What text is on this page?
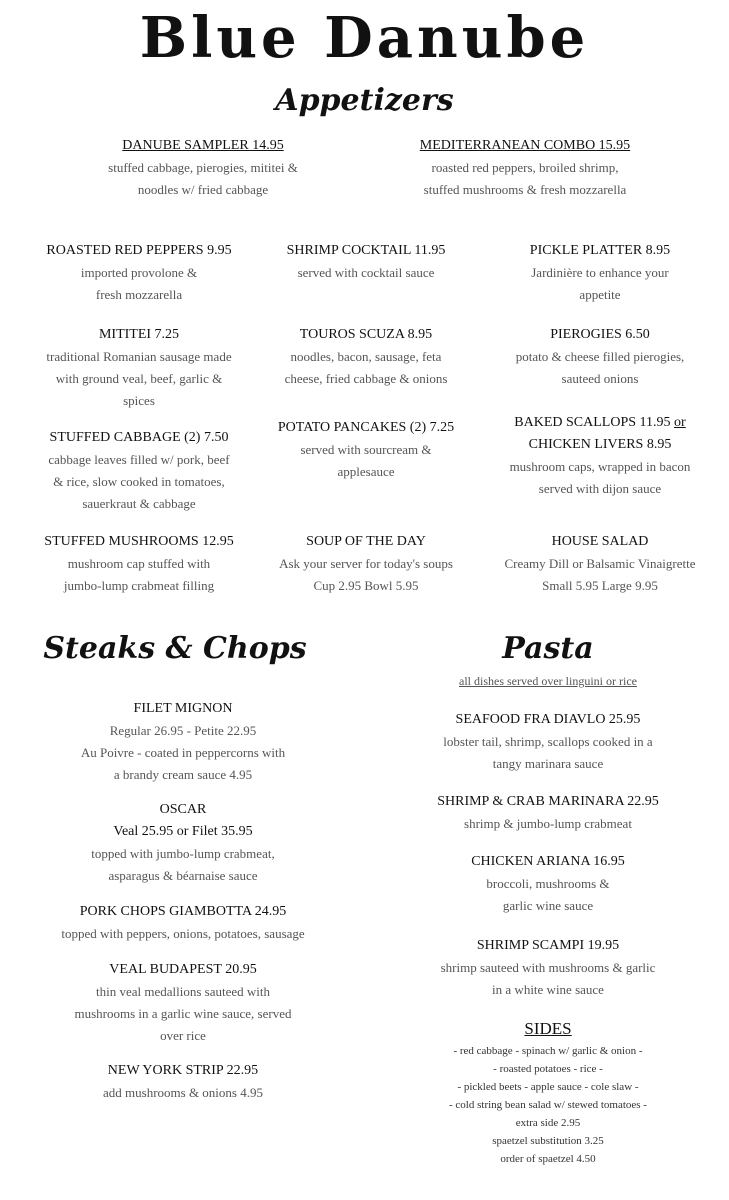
Blue Danube
Appetizers
DANUBE SAMPLER 14.95
stuffed cabbage, pierogies, mititei &
noodles w/ fried cabbage
MEDITERRANEAN COMBO 15.95
roasted red peppers, broiled shrimp,
stuffed mushrooms & fresh mozzarella
ROASTED RED PEPPERS 9.95
imported provolone &
fresh mozzarella
SHRIMP COCKTAIL 11.95
served with cocktail sauce
PICKLE PLATTER 8.95
Jardinière to enhance your
appetite
MITITEI 7.25
traditional Romanian sausage made
with ground veal, beef, garlic &
spices
TOUROS SCUZA 8.95
noodles, bacon, sausage, feta
cheese, fried cabbage & onions
PIEROGIES 6.50
potato & cheese filled pierogies,
sauteed onions
STUFFED CABBAGE (2) 7.50
cabbage leaves filled w/ pork, beef
& rice, slow cooked in tomatoes,
sauerkraut & cabbage
POTATO PANCAKES (2) 7.25
served with sourcream &
applesauce
BAKED SCALLOPS 11.95 or
CHICKEN LIVERS 8.95
mushroom caps, wrapped in bacon
served with dijon sauce
STUFFED MUSHROOMS 12.95
mushroom cap stuffed with
jumbo-lump crabmeat filling
SOUP OF THE DAY
Ask your server for today's soups
Cup 2.95 Bowl 5.95
HOUSE SALAD
Creamy Dill or Balsamic Vinaigrette
Small 5.95 Large 9.95
Steaks & Chops
FILET MIGNON
Regular 26.95 - Petite 22.95
Au Poivre - coated in peppercorns with
a brandy cream sauce 4.95
OSCAR
Veal 25.95 or Filet 35.95
topped with jumbo-lump crabmeat,
asparagus & béarnaise sauce
PORK CHOPS GIAMBOTTA 24.95
topped with peppers, onions, potatoes, sausage
VEAL BUDAPEST 20.95
thin veal medallions sauteed with
mushrooms in a garlic wine sauce, served
over rice
NEW YORK STRIP 22.95
add mushrooms & onions 4.95
Pasta
all dishes served over linguini or rice
SEAFOOD FRA DIAVLO 25.95
lobster tail, shrimp, scallops cooked in a
tangy marinara sauce
SHRIMP & CRAB MARINARA 22.95
shrimp & jumbo-lump crabmeat
CHICKEN ARIANA 16.95
broccoli, mushrooms &
garlic wine sauce
SHRIMP SCAMPI 19.95
shrimp sauteed with mushrooms & garlic
in a white wine sauce
SIDES
- red cabbage - spinach w/ garlic & onion -
- roasted potatoes - rice -
- pickled beets - apple sauce - cole slaw -
- cold string bean salad w/ stewed tomatoes -
extra side 2.95
spaetzel substitution 3.25
order of spaetzel 4.50
